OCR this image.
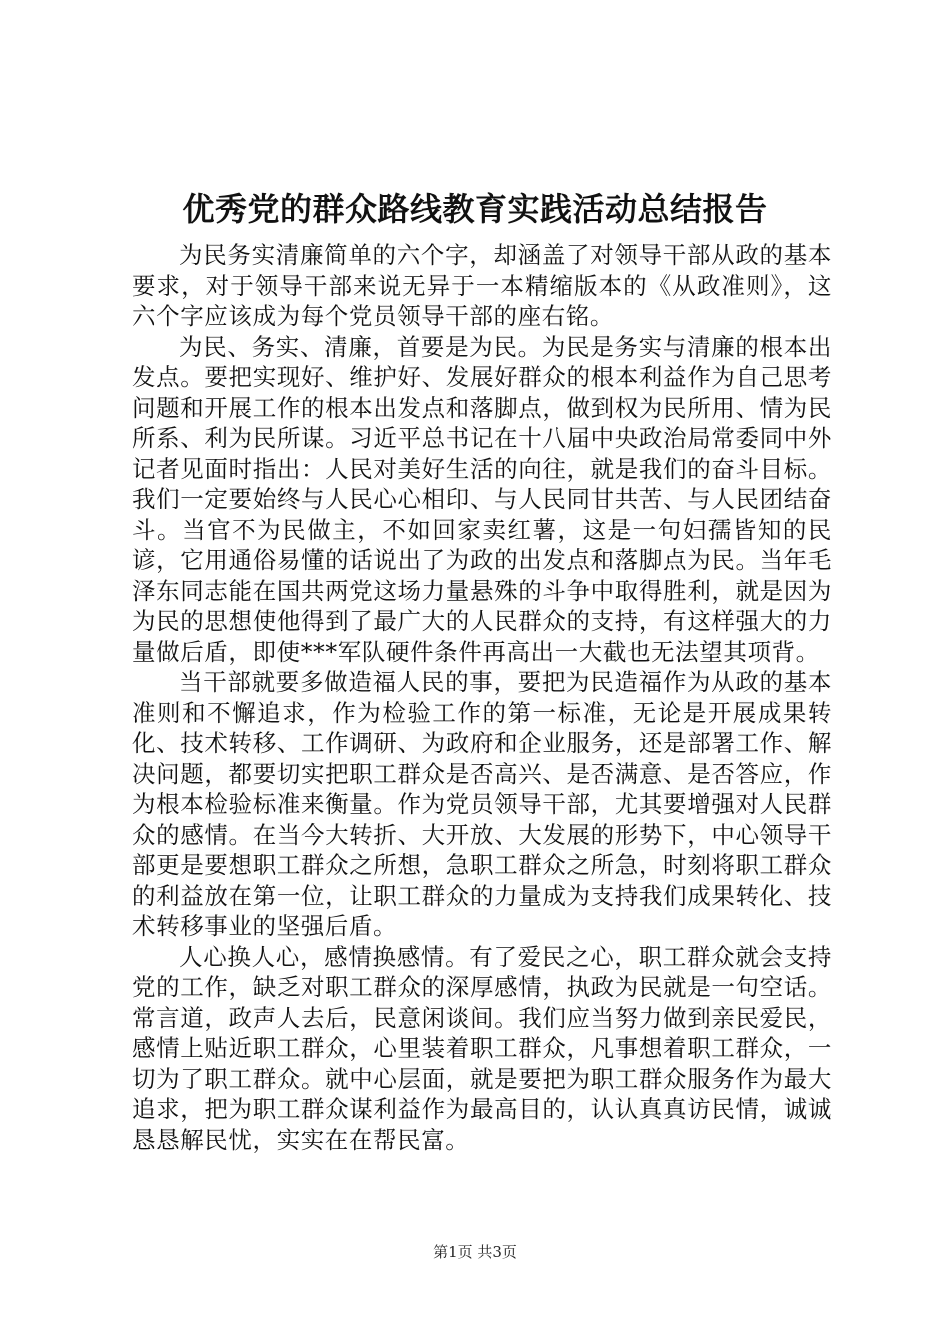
优秀党的群众路线教育实践活动总结报告

为民务实清廉简单的六个字，却涵盖了对领导干部从政的基本要求，对于领导干部来说无异于一本精缩版本的《从政准则》，这六个字应该成为每个党员领导干部的座右铭。

为民、务实、清廉，首要是为民。为民是务实与清廉的根本出发点。要把实现好、维护好、发展好群众的根本利益作为自己思考问题和开展工作的根本出发点和落脚点，做到权为民所用、情为民所系、利为民所谋。习近平总书记在十八届中央政治局常委同中外记者见面时指出：人民对美好生活的向往，就是我们的奋斗目标。我们一定要始终与人民心心相印、与人民同甘共苦、与人民团结奋斗。当官不为民做主，不如回家卖红薯，这是一句妇孺皆知的民谚，它用通俗易懂的话说出了为政的出发点和落脚点为民。当年毛泽东同志能在国共两党这场力量悬殊的斗争中取得胜利，就是因为为民的思想使他得到了最广大的人民群众的支持，有这样强大的力量做后盾，即使***军队硬件条件再高出一大截也无法望其项背。

当干部就要多做造福人民的事，要把为民造福作为从政的基本准则和不懈追求，作为检验工作的第一标准，无论是开展成果转化、技术转移、工作调研、为政府和企业服务，还是部署工作、解决问题，都要切实把职工群众是否高兴、是否满意、是否答应，作为根本检验标准来衡量。作为党员领导干部，尤其要增强对人民群众的感情。在当今大转折、大开放、大发展的形势下，中心领导干部更是要想职工群众之所想，急职工群众之所急，时刻将职工群众的利益放在第一位，让职工群众的力量成为支持我们成果转化、技术转移事业的坚强后盾。

人心换人心，感情换感情。有了爱民之心，职工群众就会支持党的工作，缺乏对职工群众的深厚感情，执政为民就是一句空话。常言道，政声人去后，民意闲谈间。我们应当努力做到亲民爱民，感情上贴近职工群众，心里装着职工群众，凡事想着职工群众，一切为了职工群众。就中心层面，就是要把为职工群众服务作为最大追求，把为职工群众谋利益作为最高目的，认认真真访民情，诚诚恳恳解民忧，实实在在帮民富。

第1页 共3页
